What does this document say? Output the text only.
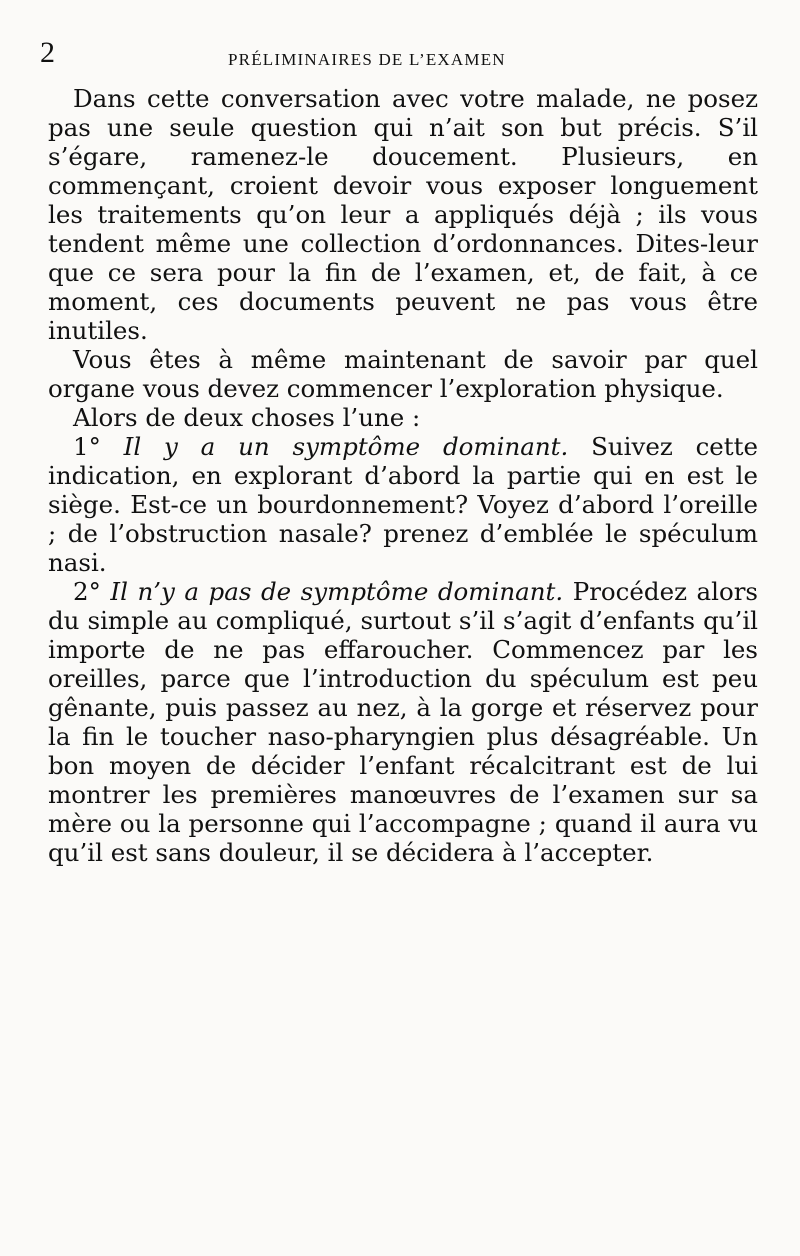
2	PRÉLIMINAIRES DE L’EXAMEN

Dans cette conversation avec votre malade, ne posez pas une seule question qui n’ait son but précis. S’il s’égare, ramenez-le doucement. Plusieurs, en commençant, croient devoir vous exposer longuement les traitements qu’on leur a appliqués déjà ; ils vous tendent même une collection d’ordonnances. Dites-leur que ce sera pour la fin de l’examen, et, de fait, à ce moment, ces documents peuvent ne pas vous être inutiles.

Vous êtes à même maintenant de savoir par quel organe vous devez commencer l’exploration physique.

Alors de deux choses l’une :

1° Il y a un symptôme dominant. Suivez cette indication, en explorant d’abord la partie qui en est le siège. Est-ce un bourdonnement? Voyez d’abord l’oreille ; de l’obstruction nasale? prenez d’emblée le spéculum nasi.

2° Il n’y a pas de symptôme dominant. Procédez alors du simple au compliqué, surtout s’il s’agit d’enfants qu’il importe de ne pas effaroucher. Commencez par les oreilles, parce que l’introduction du spéculum est peu gênante, puis passez au nez, à la gorge et réservez pour la fin le toucher naso-pharyngien plus désagréable. Un bon moyen de décider l’enfant récalcitrant est de lui montrer les premières manœuvres de l’examen sur sa mère ou la personne qui l’accompagne ; quand il aura vu qu’il est sans douleur, il se décidera à l’accepter.
